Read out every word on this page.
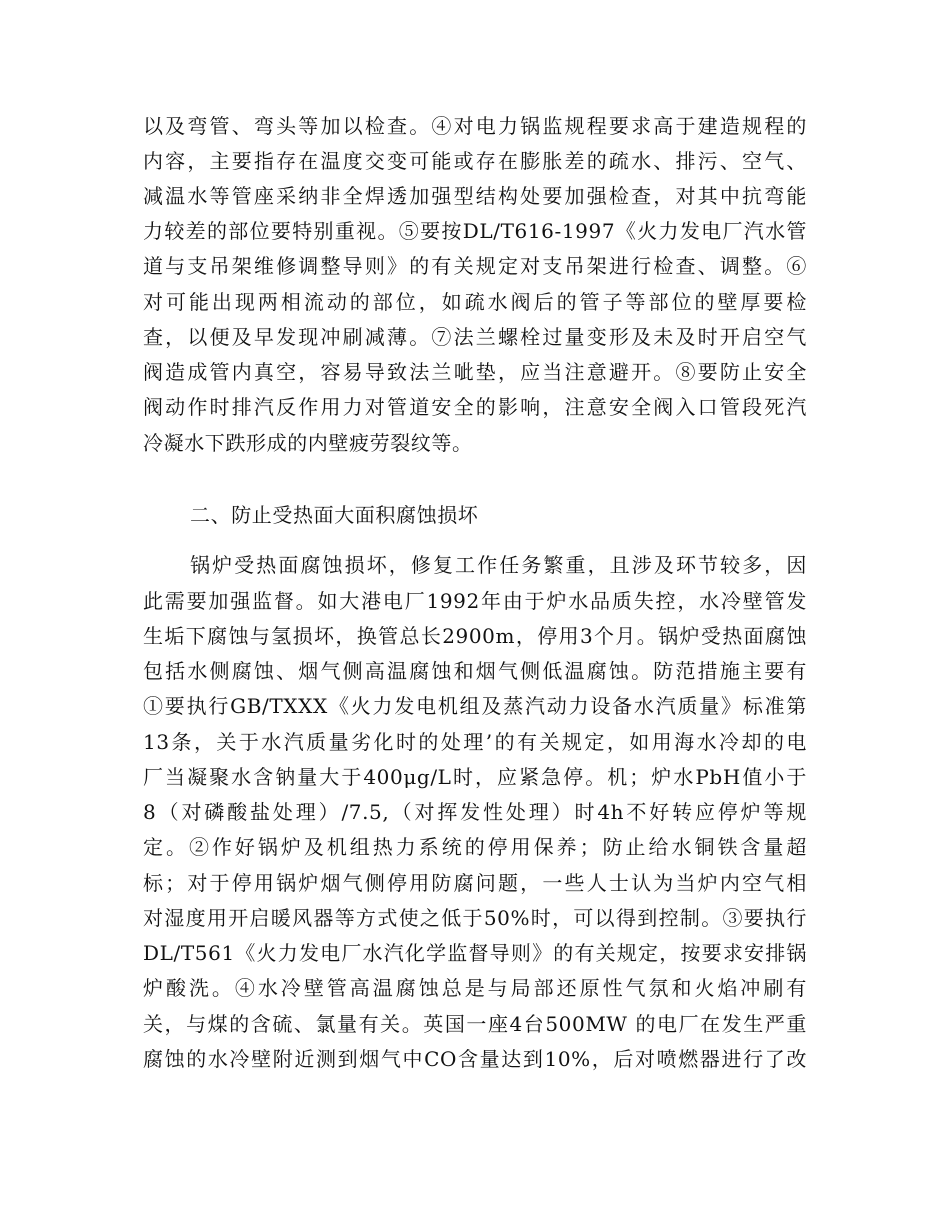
以及弯管、弯头等加以检查。④对电力锅监规程要求高于建造规程的
内容，主要指存在温度交变可能或存在膨胀差的疏水、排污、空气、
减温水等管座采纳非全焊透加强型结构处要加强检查，对其中抗弯能
力较差的部位要特别重视。⑤要按DL/T616-1997《火力发电厂汽水管
道与支吊架维修调整导则》的有关规定对支吊架进行检查、调整。⑥
对可能出现两相流动的部位，如疏水阀后的管子等部位的壁厚要检
查，以便及早发现冲刷减薄。⑦法兰螺栓过量变形及未及时开启空气
阀造成管内真空，容易导致法兰呲垫，应当注意避开。⑧要防止安全
阀动作时排汽反作用力对管道安全的影响，注意安全阀入口管段死汽
冷凝水下跌形成的内壁疲劳裂纹等。
二、防止受热面大面积腐蚀损坏
锅炉受热面腐蚀损坏，修复工作任务繁重，且涉及环节较多，因
此需要加强监督。如大港电厂1992年由于炉水品质失控，水冷壁管发
生垢下腐蚀与氢损坏，换管总长2900m，停用3个月。锅炉受热面腐蚀
包括水侧腐蚀、烟气侧高温腐蚀和烟气侧低温腐蚀。防范措施主要有
①要执行GB/TXXX《火力发电机组及蒸汽动力设备水汽质量》标准第
13条，关于水汽质量劣化时的处理’的有关规定，如用海水冷却的电
厂当凝聚水含钠量大于400μg/L时，应紧急停。机；炉水PbH值小于
8（对磷酸盐处理）/7.5,（对挥发性处理）时4h不好转应停炉等规
定。②作好锅炉及机组热力系统的停用保养；防止给水铜铁含量超
标；对于停用锅炉烟气侧停用防腐问题，一些人士认为当炉内空气相
对湿度用开启暖风器等方式使之低于50%时，可以得到控制。③要执行
DL/T561《火力发电厂水汽化学监督导则》的有关规定，按要求安排锅
炉酸洗。④水冷壁管高温腐蚀总是与局部还原性气氛和火焰冲刷有
关，与煤的含硫、氯量有关。英国一座4台500MW 的电厂在发生严重
腐蚀的水冷壁附近测到烟气中CO含量达到10%，后对喷燃器进行了改
